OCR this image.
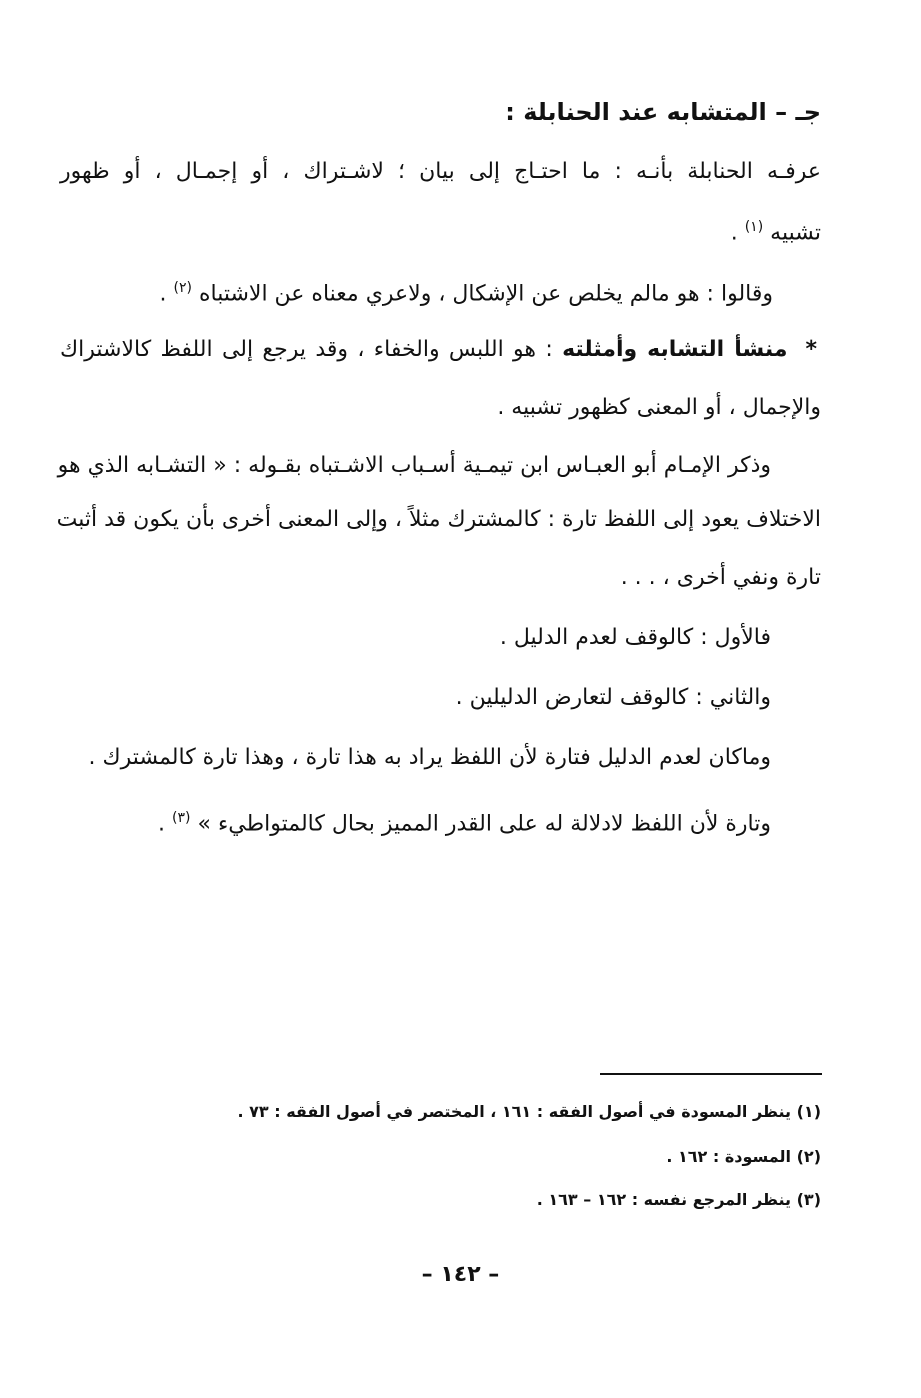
جـ – المتشابه عند الحنابلة :
عرفـه الحنابلة بأنـه : ما احتـاج إلى بيان ؛ لاشـتراك ، أو إجمـال ، أو ظهور
تشبيه $^{(١)}$ .
وقالوا : هو مالم يخلص عن الإشكال ، ولاعري معناه عن الاشتباه $^{(٢)}$ .
*منشأ التشابه وأمثلته : هو اللبس والخفاء ، وقد يرجع إلى اللفظ كالاشتراك
والإجمال ، أو المعنى كظهور تشبيه .
وذكر الإمـام أبو العبـاس ابن تيمـية أسـباب الاشـتباه بقـوله : « التشـابه الذي هو
الاختلاف يعود إلى اللفظ تارة : كالمشترك مثلاً ، وإلى المعنى أخرى بأن يكون قد أثبت
تارة ونفي أخرى ، . . .
فالأول : كالوقف لعدم الدليل .
والثاني : كالوقف لتعارض الدليلين .
وماكان لعدم الدليل فتارة لأن اللفظ يراد به هذا تارة ، وهذا تارة كالمشترك .
وتارة لأن اللفظ لادلالة له على القدر المميز بحال كالمتواطيء » $^{(٣)}$ .
(١) ينظر المسودة في أصول الفقه : ١٦١ ، المختصر في أصول الفقه : ٧٣ .
(٢) المسودة : ١٦٢ .
(٣) ينظر المرجع نفسه : ١٦٢ – ١٦٣ .
– ١٤٢ –
